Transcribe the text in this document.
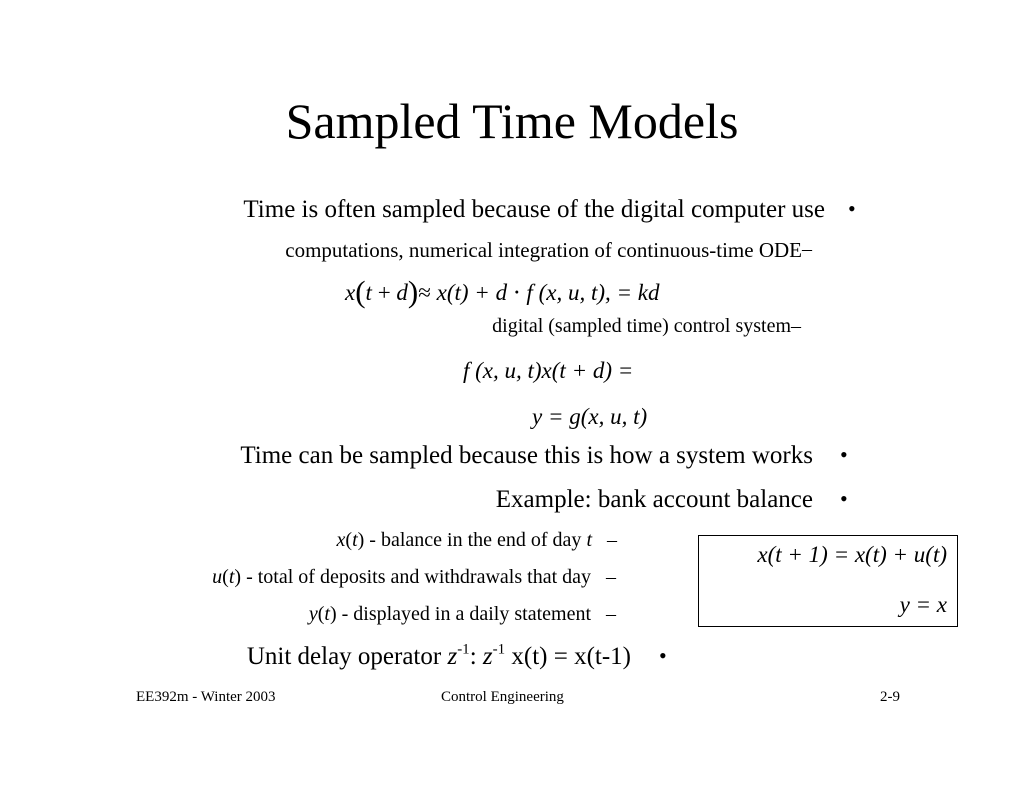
Sampled Time Models
Time is often sampled because of the digital computer use •
computations, numerical integration of continuous-time ODE –
x(t + d)≈ x(t) + d ⋅ f (x, u, t), = kd
digital (sampled time) control system –
f (x, u, t)x(t + d) =
y = g(x, u, t)
Time can be sampled because this is how a system works •
Example: bank account balance •
x(t) - balance in the end of day t –
u(t) - total of deposits and withdrawals that day –
y(t) - displayed in a daily statement –
x(t + 1) = x(t) + u(t)
y = x
Unit delay operator $z^{-1}$: $z^{-1}$ x(t) = x(t-1) •
EE392m - Winter 2003	Control Engineering	2-9
